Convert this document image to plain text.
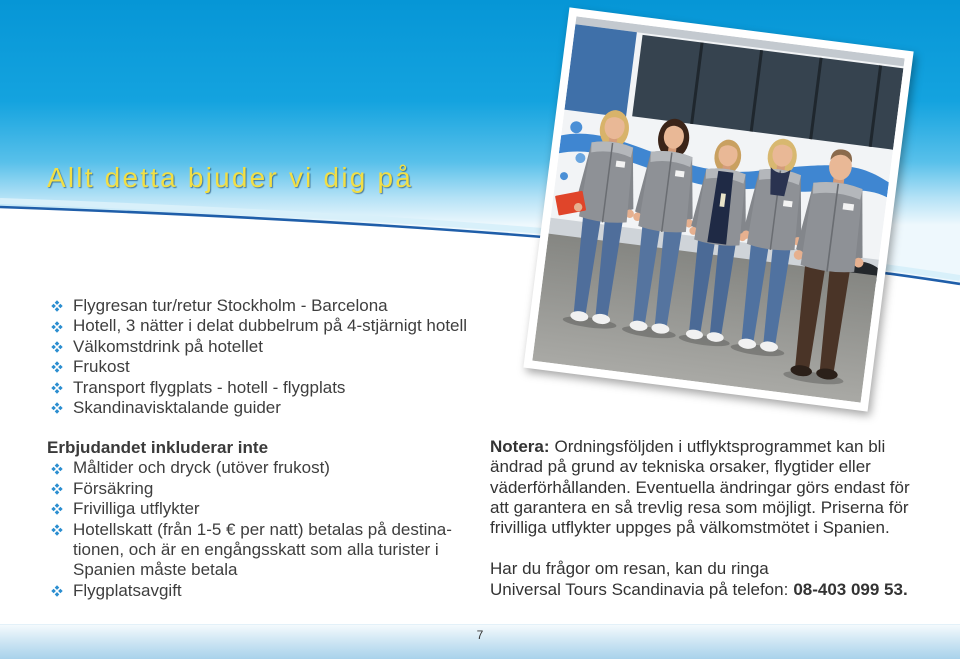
Allt detta bjuder vi dig på
Flygresan tur/retur Stockholm - Barcelona
Hotell, 3 nätter i delat dubbelrum på 4-stjärnigt hotell
Välkomstdrink på hotellet
Frukost
Transport flygplats - hotell - flygplats
Skandinavisktalande guider
Erbjudandet inkluderar inte
Måltider och dryck (utöver frukost)
Försäkring
Frivilliga utflykter
Hotellskatt (från 1-5 € per natt) betalas på destina-
tionen, och är en engångsskatt som alla turister i
Spanien måste betala
Flygplatsavgift
Notera: Ordningsföljden i utflyktsprogrammet kan bli
ändrad på grund av tekniska orsaker, flygtider eller
väderförhållanden. Eventuella ändringar görs endast för
att garantera en så trevlig resa som möjligt. Priserna för
frivilliga utflykter uppges på välkomstmötet i Spanien.
Har du frågor om resan, kan du ringa
Universal Tours Scandinavia på telefon: 08-403 099 53.
7
